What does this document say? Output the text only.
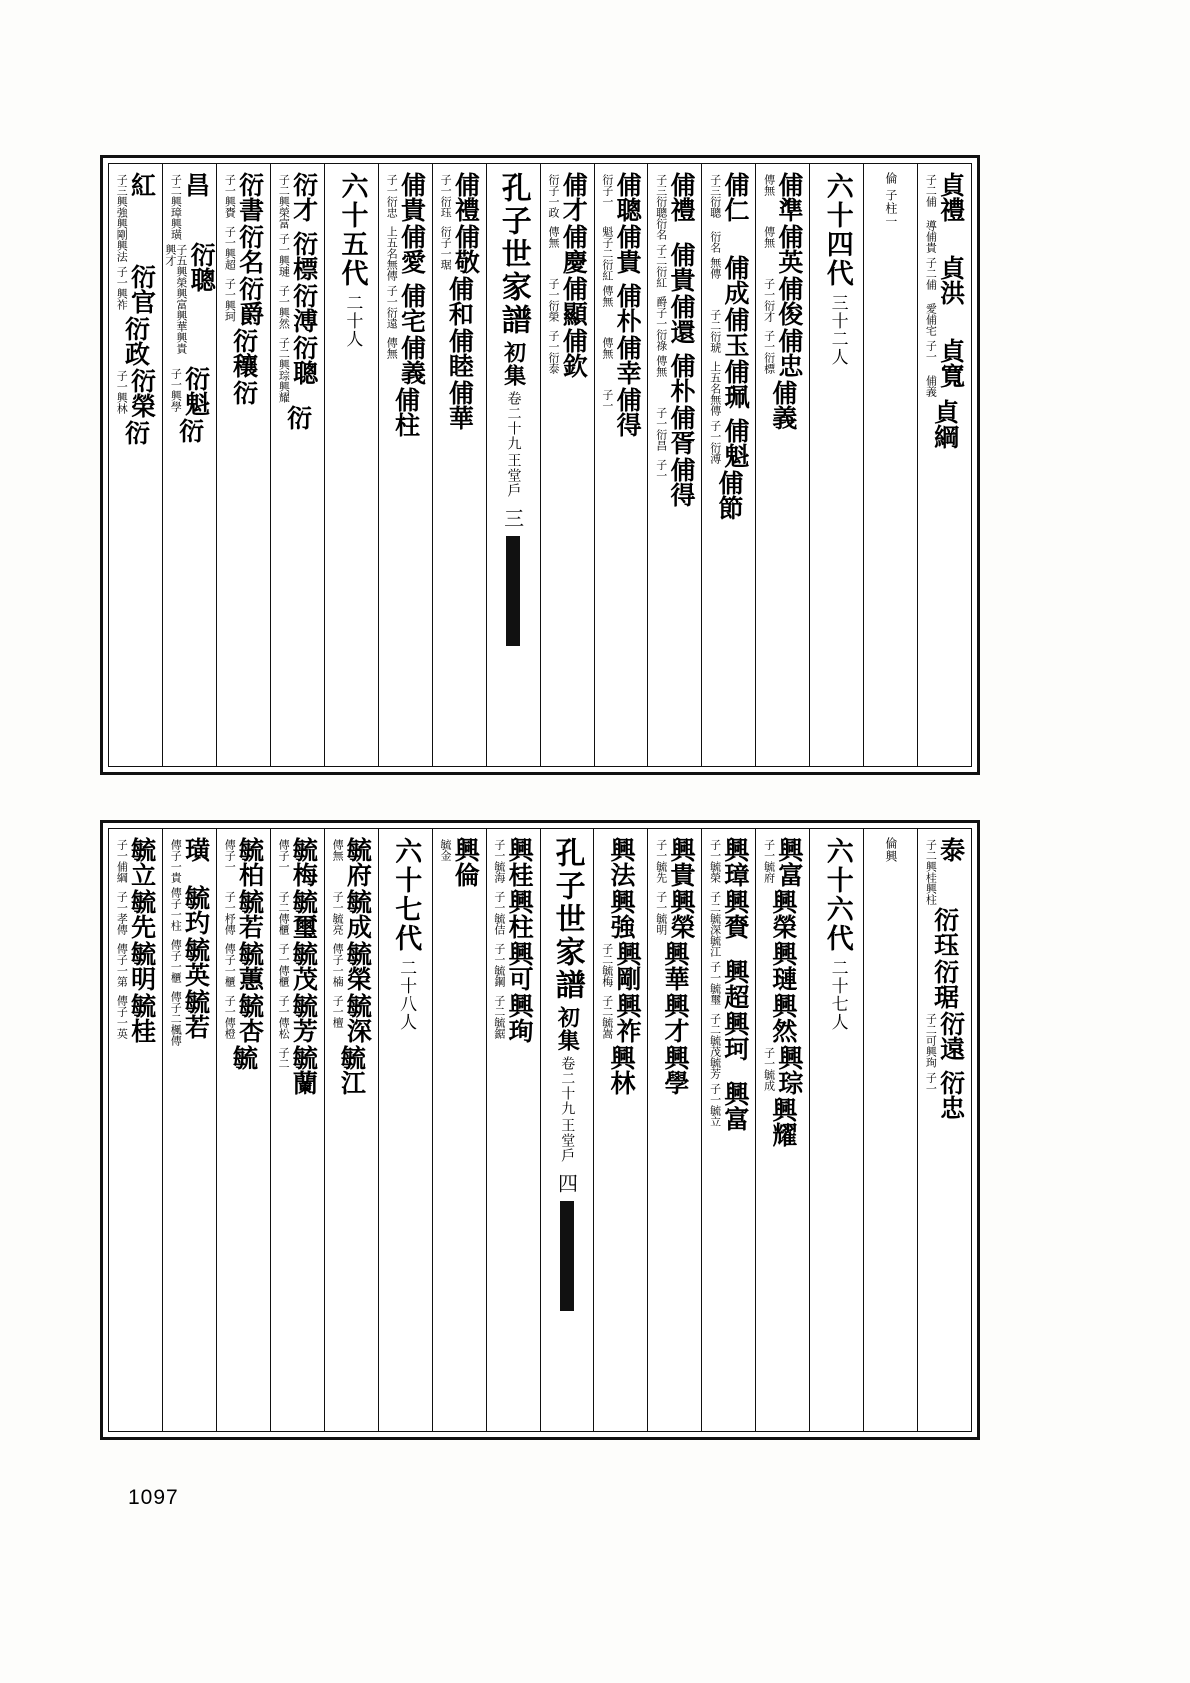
子二俌 導俌貴 貞禮
子二俌 愛俌宅 貞洪
子一 俌義 貞寬
貞綱
倫
子柱一
六十四代
三十二人
傳無 俌準
傳無 俌英
子一衍才 俌俊
子一衍標 俌忠
俌義
子三衍聰 衍名 俌仁
無傳 俌成
子二衍琥 俌玉
上五名無傳 俌珮
子一衍溥 俌魁
俌節
子三衍聰衍名 俌禮
子二衍紅 俌貴
爵子一衍祿 俌還
傳無 俌朴
子一衍昌 俌胥
子一 俌得
衍子一 俌聰
魁子二衍紅 俌貴
傳無 俌朴
傳無 俌幸
子一 俌得
衍子一政 俌才
傳無 俌慶
子一衍榮 俌顯
子一衍泰 俌欽
孔子世家譜
初集
卷二十九
王堂戶
三
子一衍珏 俌禮
衍子一琚 俌敬
俌和
俌睦
俌華
子一衍忠 俌貴
上五名無傳 俌愛
子一衍遠 俌宅
傳無 俌義
俌柱
六十五代
二十人
子二興榮富 衍才
子一興璉 衍標
子一興然 衍溥
子二興琮興耀 衍聰
衍
子一興賚 衍書
子一興超 衍名
子一興珂 衍爵
衍穰
衍
子二興璋興璜 昌
子五興榮興富興華興貴興才 衍聰
子一興學 衍魁
衍
子三興強興剛興法 紅
子一興祚 衍官
衍政
子一興林 衍榮
衍
子二興桂興柱 泰
衍珏
衍琚
子二可興珣 衍遠
子一 衍忠
倫興
六十六代
二十七人
子一毓府 興富
興榮
興璉
興然
子一毓成 興琮
興耀
子一毓榮 興璋
子二毓深毓江 興賚
子一毓璽 興超
子二毓茂毓芳 興珂
子一毓立 興富
子一毓先 興貴
子一毓明 興榮
興華
興才
興學
興法
興強
子二毓梅 興剛
子二毓嵩 興祚
興林
孔子世家譜
初集
卷二十九
王堂戶
四
子一毓海 興桂
子一毓佶 興柱
子一毓鋼 興可
子二毓鋸 興珣
毓金 興倫
六十七代
二十八人
傳無 毓府
子一毓亮 毓成
傳子一楠 毓榮
子一檀 毓深
毓江
傳子一 毓梅
子二傳櫃 毓璽
子一傳櫃 毓茂
子一傳松 毓芳
子二 毓蘭
傳子一 毓柏
子一杼傳 毓若
傳子一櫃 毓蕙
子一傳橙 毓杏
毓
傳子一貴 璜
傳子一柱 毓玓
傳子一櫃 毓英
傳子二楓傳 毓若
子一俌綱 毓立
子一孝傳 毓先
傳子一第 毓明
傳子一英 毓桂
1097
